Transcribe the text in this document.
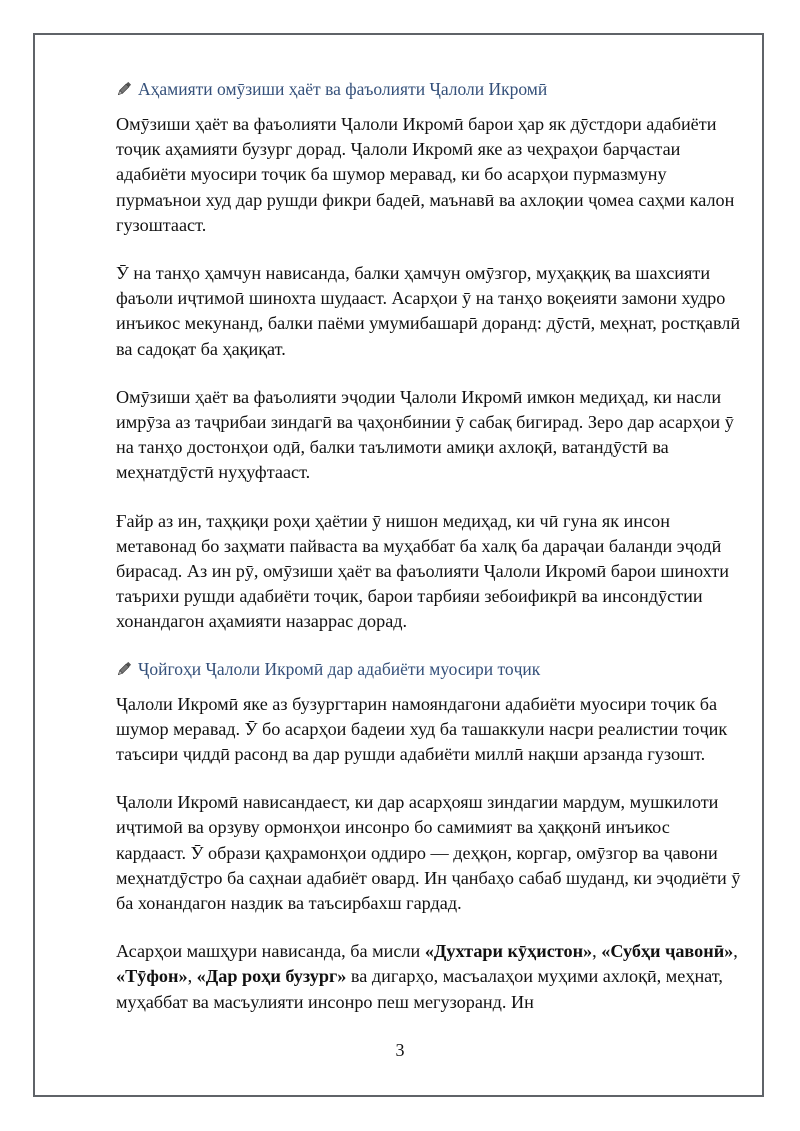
Аҳамияти омӯзиши ҳаёт ва фаъолияти Ҷалоли Икромӣ

Омӯзиши ҳаёт ва фаъолияти Ҷалоли Икромӣ барои ҳар як дӯстдори адабиёти тоҷик аҳамияти бузург дорад. Ҷалоли Икромӣ яке аз чеҳраҳои барҷастаи адабиёти муосири тоҷик ба шумор меравад, ки бо асарҳои пурмазмуну пурмаънои худ дар рушди фикри бадеӣ, маънавӣ ва ахлоқии ҷомеа саҳми калон гузоштааст.

Ӯ на танҳо ҳамчун нависанда, балки ҳамчун омӯзгор, муҳаққиқ ва шахсияти фаъоли иҷтимоӣ шинохта шудааст. Асарҳои ӯ на танҳо воқеияти замони худро инъикос мекунанд, балки паёми умумибашарӣ доранд: дӯстӣ, меҳнат, ростқавлӣ ва садоқат ба ҳақиқат.

Омӯзиши ҳаёт ва фаъолияти эҷодии Ҷалоли Икромӣ имкон медиҳад, ки насли имрӯза аз таҷрибаи зиндагӣ ва ҷаҳонбинии ӯ сабақ бигирад. Зеро дар асарҳои ӯ на танҳо достонҳои одӣ, балки таълимоти амиқи ахлоқӣ, ватандӯстӣ ва меҳнатдӯстӣ нуҳуфтааст.

Ғайр аз ин, таҳқиқи роҳи ҳаётии ӯ нишон медиҳад, ки чӣ гуна як инсон метавонад бо заҳмати пайваста ва муҳаббат ба халқ ба дараҷаи баланди эҷодӣ бирасад. Аз ин рӯ, омӯзиши ҳаёт ва фаъолияти Ҷалоли Икромӣ барои шинохти таърихи рушди адабиёти тоҷик, барои тарбияи зебоификрӣ ва инсондӯстии хонандагон аҳамияти назаррас дорад.

Ҷойгоҳи Ҷалоли Икромӣ дар адабиёти муосири тоҷик

Ҷалоли Икромӣ яке аз бузургтарин намояндагони адабиёти муосири тоҷик ба шумор меравад. Ӯ бо асарҳои бадеии худ ба ташаккули насри реалистии тоҷик таъсири ҷиддӣ расонд ва дар рушди адабиёти миллӣ нақши арзанда гузошт.

Ҷалоли Икромӣ нависандаест, ки дар асарҳояш зиндагии мардум, мушкилоти иҷтимоӣ ва орзуву ормонҳои инсонро бо самимият ва ҳаққонӣ инъикос кардааст. Ӯ образи қаҳрамонҳои оддиро — деҳқон, коргар, омӯзгор ва ҷавони меҳнатдӯстро ба саҳнаи адабиёт овард. Ин ҷанбаҳо сабаб шуданд, ки эҷодиёти ӯ ба хонандагон наздик ва таъсирбахш гардад.

Асарҳои машҳури нависанда, ба мисли «Духтари кӯҳистон», «Субҳи ҷавонӣ», «Тӯфон», «Дар роҳи бузург» ва дигарҳо, масъалаҳои муҳими ахлоқӣ, меҳнат, муҳаббат ва масъулияти инсонро пеш мегузоранд. Ин

3
